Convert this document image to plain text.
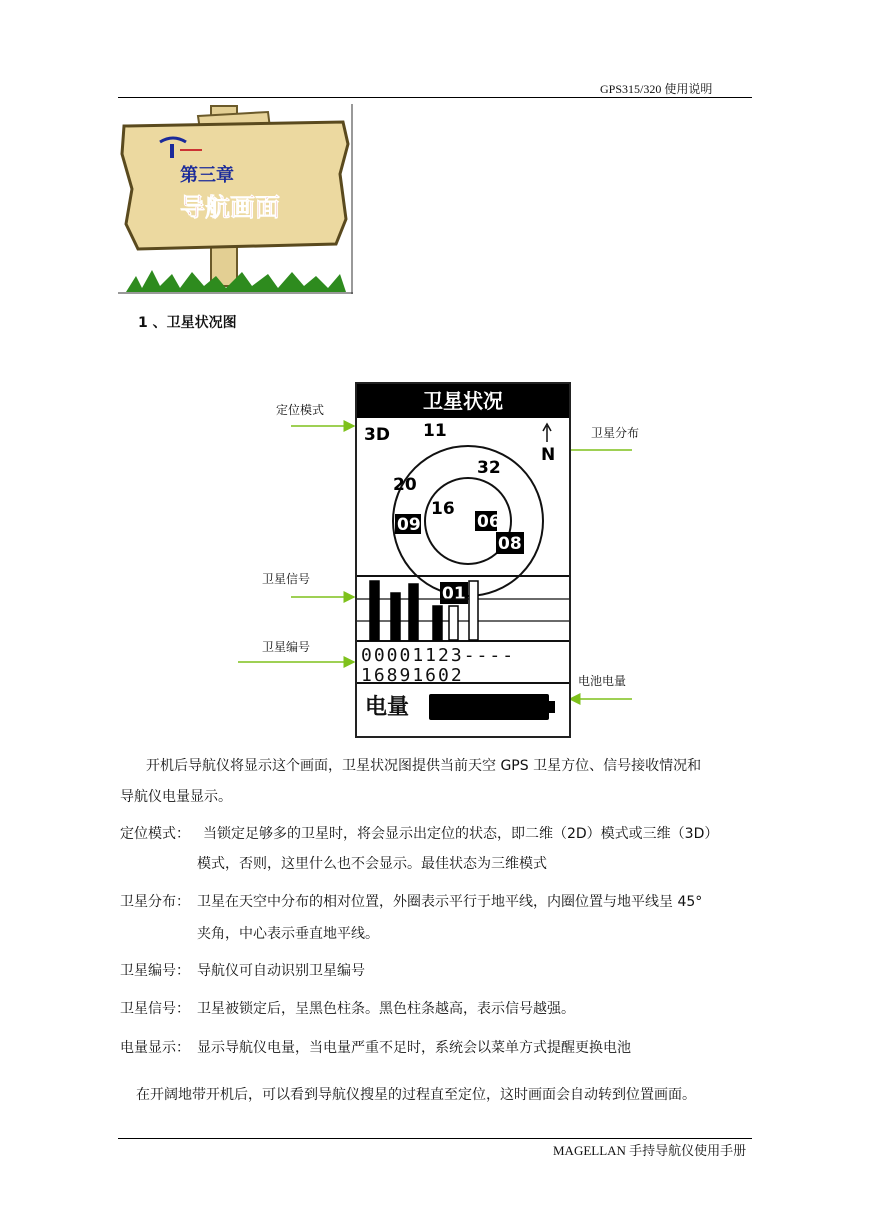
GPS315/320 使用说明
第三章
导航画面
1 、卫星状况图
定位模式
卫星分布
卫星信号
卫星编号
电池电量
卫星状况
N
3D 11
32
20
16
09	06
08
01
00001123----
16891602
电量
开机后导航仪将显示这个画面，卫星状况图提供当前天空 GPS 卫星方位、信号接收情况和
导航仪电量显示。
定位模式： 当锁定足够多的卫星时，将会显示出定位的状态，即二维（2D）模式或三维（3D）
模式，否则，这里什么也不会显示。最佳状态为三维模式
卫星分布： 卫星在天空中分布的相对位置，外圈表示平行于地平线，内圈位置与地平线呈 45°
夹角，中心表示垂直地平线。
卫星编号： 导航仪可自动识别卫星编号
卫星信号： 卫星被锁定后，呈黑色柱条。黑色柱条越高，表示信号越强。
电量显示： 显示导航仪电量，当电量严重不足时，系统会以菜单方式提醒更换电池
在开阔地带开机后，可以看到导航仪搜星的过程直至定位，这时画面会自动转到位置画面。
MAGELLAN 手持导航仪使用手册
